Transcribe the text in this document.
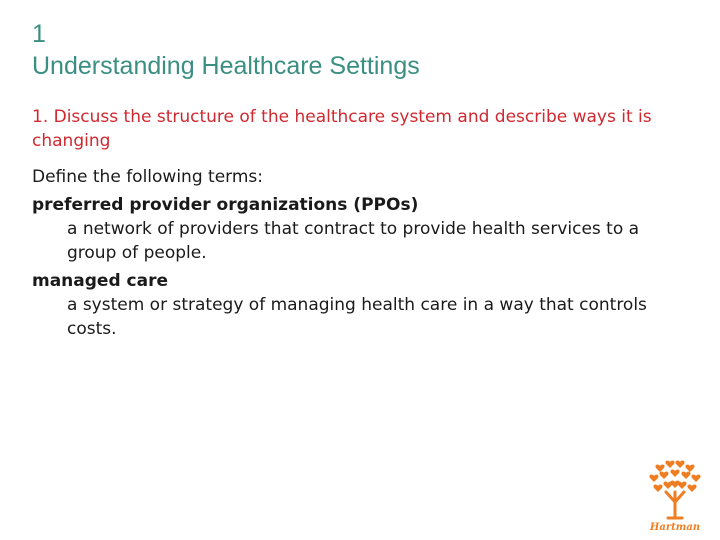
1
Understanding Healthcare Settings
1. Discuss the structure of the healthcare system and describe ways it is changing
Define the following terms:
preferred provider organizations (PPOs)
a network of providers that contract to provide health services to a group of people.
managed care
a system or strategy of managing health care in a way that controls costs.
Hartman
